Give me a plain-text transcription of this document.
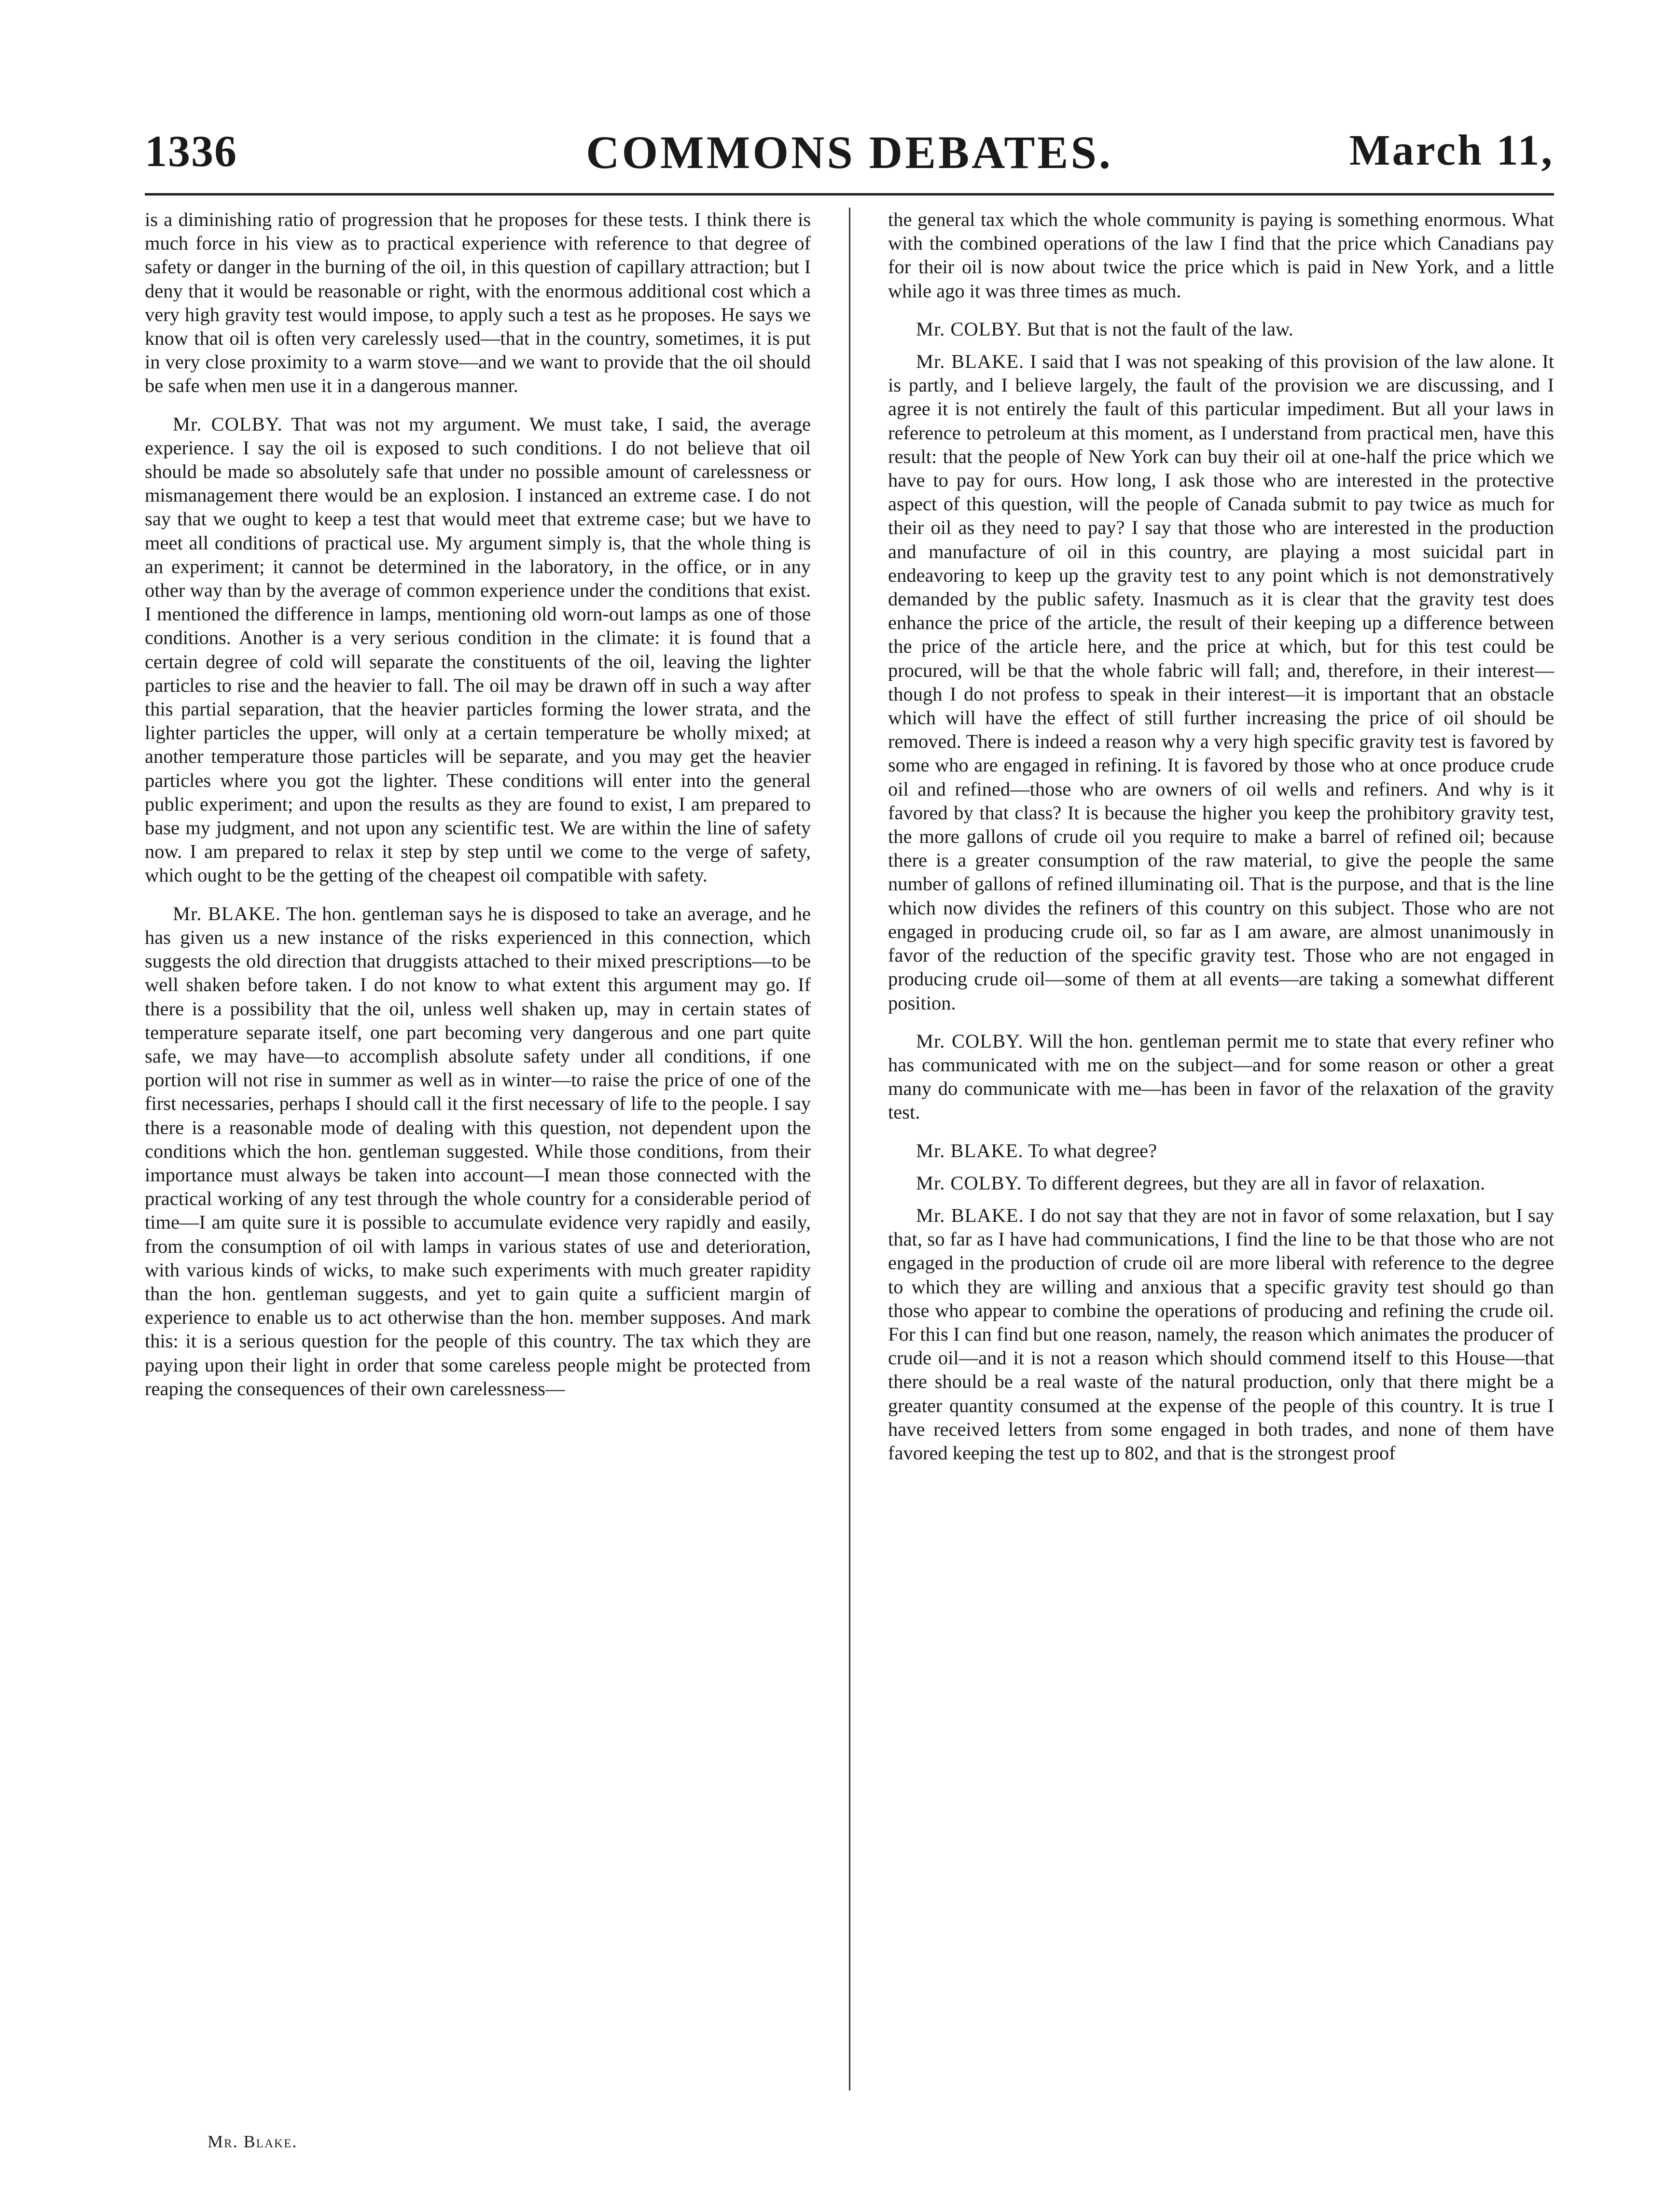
1336	COMMONS DEBATES.	March 11,

is a diminishing ratio of progression that he proposes for these tests. I think there is much force in his view as to practical experience with reference to that degree of safety or danger in the burning of the oil, in this question of capillary attraction; but I deny that it would be reasonable or right, with the enormous additional cost which a very high gravity test would impose, to apply such a test as he proposes. He says we know that oil is often very carelessly used—that in the country, sometimes, it is put in very close proximity to a warm stove—and we want to provide that the oil should be safe when men use it in a dangerous manner.

Mr. COLBY. That was not my argument. We must take, I said, the average experience. I say the oil is exposed to such conditions. I do not believe that oil should be made so absolutely safe that under no possible amount of carelessness or mismanagement there would be an explosion. I instanced an extreme case. I do not say that we ought to keep a test that would meet that extreme case; but we have to meet all conditions of practical use. My argument simply is, that the whole thing is an experiment; it cannot be determined in the laboratory, in the office, or in any other way than by the average of common experience under the conditions that exist. I mentioned the difference in lamps, mentioning old worn-out lamps as one of those conditions. Another is a very serious condition in the climate: it is found that a certain degree of cold will separate the constituents of the oil, leaving the lighter particles to rise and the heavier to fall. The oil may be drawn off in such a way after this partial separation, that the heavier particles forming the lower strata, and the lighter particles the upper, will only at a certain temperature be wholly mixed; at another temperature those particles will be separate, and you may get the heavier particles where you got the lighter. These conditions will enter into the general public experiment; and upon the results as they are found to exist, I am prepared to base my judgment, and not upon any scientific test. We are within the line of safety now. I am prepared to relax it step by step until we come to the verge of safety, which ought to be the getting of the cheapest oil compatible with safety.

Mr. BLAKE. The hon. gentleman says he is disposed to take an average, and he has given us a new instance of the risks experienced in this connection, which suggests the old direction that druggists attached to their mixed prescriptions—to be well shaken before taken. I do not know to what extent this argument may go. If there is a possibility that the oil, unless well shaken up, may in certain states of temperature separate itself, one part becoming very dangerous and one part quite safe, we may have—to accomplish absolute safety under all conditions, if one portion will not rise in summer as well as in winter—to raise the price of one of the first necessaries, perhaps I should call it the first necessary of life to the people. I say there is a reasonable mode of dealing with this question, not dependent upon the conditions which the hon. gentleman suggested. While those conditions, from their importance must always be taken into account—I mean those connected with the practical working of any test through the whole country for a considerable period of time—I am quite sure it is possible to accumulate evidence very rapidly and easily, from the consumption of oil with lamps in various states of use and deterioration, with various kinds of wicks, to make such experiments with much greater rapidity than the hon. gentleman suggests, and yet to gain quite a sufficient margin of experience to enable us to act otherwise than the hon. member supposes. And mark this: it is a serious question for the people of this country. The tax which they are paying upon their light in order that some careless people might be protected from reaping the consequences of their own carelessness—

the general tax which the whole community is paying is something enormous. What with the combined operations of the law I find that the price which Canadians pay for their oil is now about twice the price which is paid in New York, and a little while ago it was three times as much.

Mr. COLBY. But that is not the fault of the law.

Mr. BLAKE. I said that I was not speaking of this provision of the law alone. It is partly, and I believe largely, the fault of the provision we are discussing, and I agree it is not entirely the fault of this particular impediment. But all your laws in reference to petroleum at this moment, as I understand from practical men, have this result: that the people of New York can buy their oil at one-half the price which we have to pay for ours. How long, I ask those who are interested in the protective aspect of this question, will the people of Canada submit to pay twice as much for their oil as they need to pay? I say that those who are interested in the production and manufacture of oil in this country, are playing a most suicidal part in endeavoring to keep up the gravity test to any point which is not demonstratively demanded by the public safety. Inasmuch as it is clear that the gravity test does enhance the price of the article, the result of their keeping up a difference between the price of the article here, and the price at which, but for this test could be procured, will be that the whole fabric will fall; and, therefore, in their interest—though I do not profess to speak in their interest—it is important that an obstacle which will have the effect of still further increasing the price of oil should be removed. There is indeed a reason why a very high specific gravity test is favored by some who are engaged in refining. It is favored by those who at once produce crude oil and refined—those who are owners of oil wells and refiners. And why is it favored by that class? It is because the higher you keep the prohibitory gravity test, the more gallons of crude oil you require to make a barrel of refined oil; because there is a greater consumption of the raw material, to give the people the same number of gallons of refined illuminating oil. That is the purpose, and that is the line which now divides the refiners of this country on this subject. Those who are not engaged in producing crude oil, so far as I am aware, are almost unanimously in favor of the reduction of the specific gravity test. Those who are not engaged in producing crude oil—some of them at all events—are taking a somewhat different position.

Mr. COLBY. Will the hon. gentleman permit me to state that every refiner who has communicated with me on the subject—and for some reason or other a great many do communicate with me—has been in favor of the relaxation of the gravity test.

Mr. BLAKE. To what degree?

Mr. COLBY. To different degrees, but they are all in favor of relaxation.

Mr. BLAKE. I do not say that they are not in favor of some relaxation, but I say that, so far as I have had communications, I find the line to be that those who are not engaged in the production of crude oil are more liberal with reference to the degree to which they are willing and anxious that a specific gravity test should go than those who appear to combine the operations of producing and refining the crude oil. For this I can find but one reason, namely, the reason which animates the producer of crude oil—and it is not a reason which should commend itself to this House—that there should be a real waste of the natural production, only that there might be a greater quantity consumed at the expense of the people of this country. It is true I have received letters from some engaged in both trades, and none of them have favored keeping the test up to 802, and that is the strongest proof

Mr. Blake.
